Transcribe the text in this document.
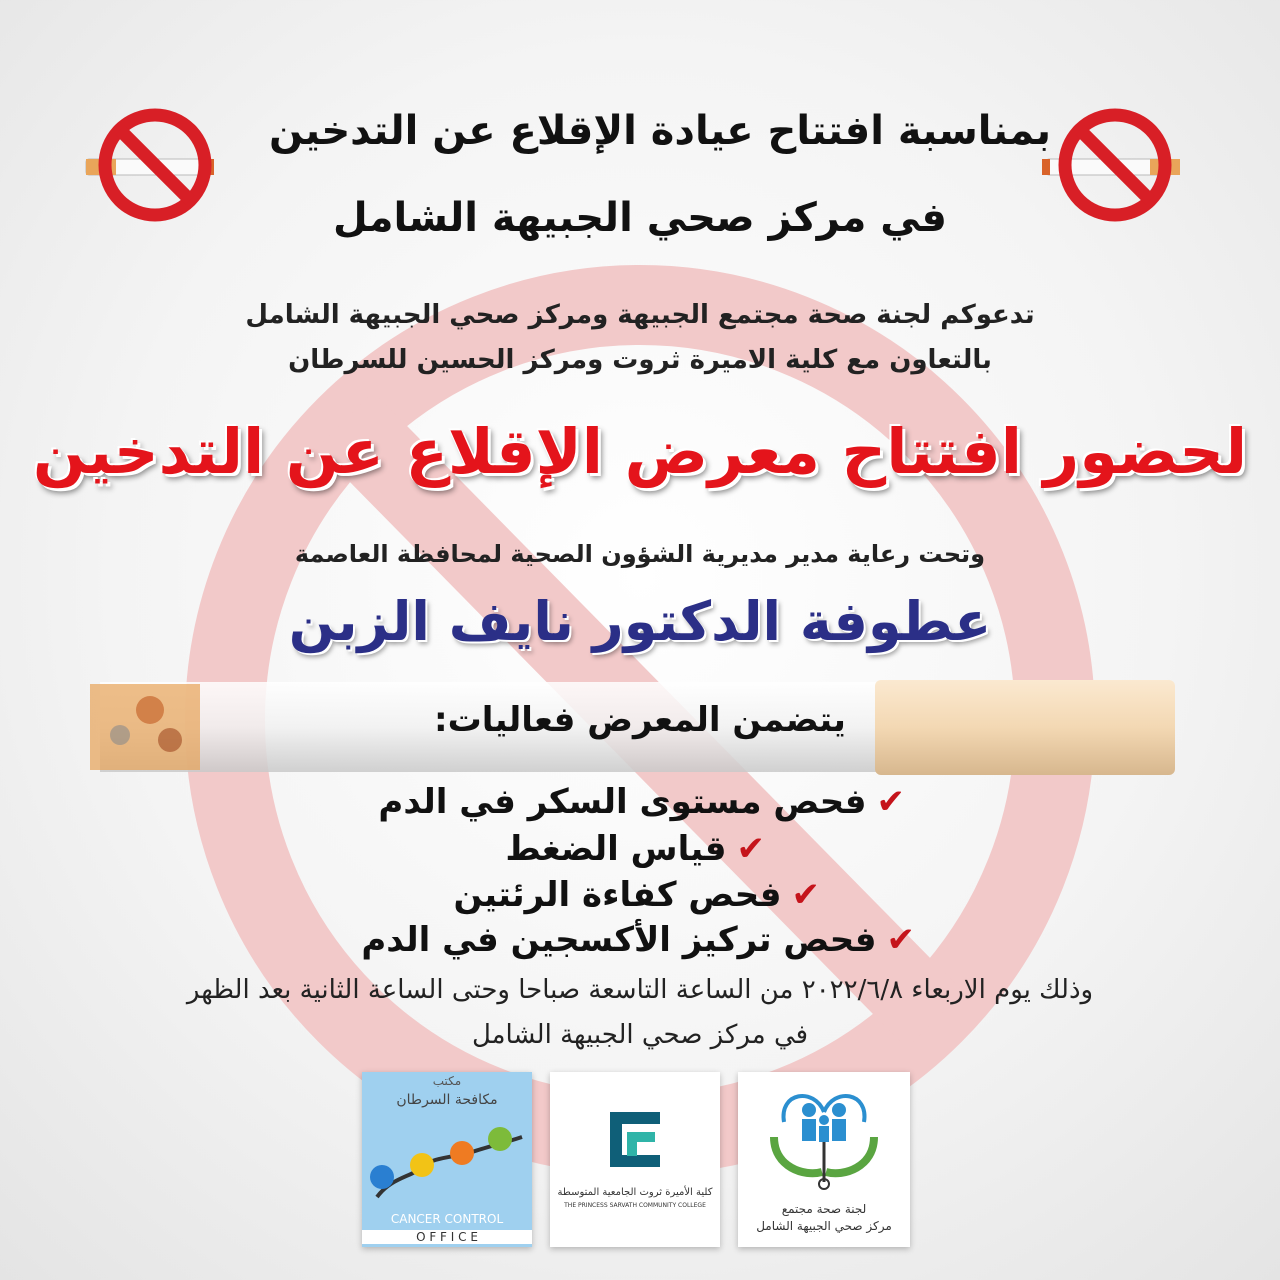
بمناسبة افتتاح عيادة الإقلاع عن التدخين
في مركز صحي الجبيهة الشامل
تدعوكم لجنة صحة مجتمع الجبيهة ومركز صحي الجبيهة الشامل
بالتعاون مع كلية الاميرة ثروت ومركز الحسين للسرطان
لحضور افتتاح معرض الإقلاع عن التدخين
وتحت رعاية مدير مديرية الشؤون الصحية لمحافظة العاصمة
عطوفة الدكتور نايف الزبن
يتضمن المعرض فعاليات:
✔فحص مستوى السكر في الدم
✔قياس الضغط
✔فحص كفاءة الرئتين
✔فحص تركيز الأكسجين في الدم
وذلك يوم الاربعاء ٢٠٢٢/٦/٨ من الساعة التاسعة صباحا وحتى الساعة الثانية بعد الظهر
في مركز صحي الجبيهة الشامل
مكتب
مكافحة السرطان
CANCER CONTROL
O F F I C E
كلية الأميرة ثروت الجامعية المتوسطة
THE PRINCESS SARVATH COMMUNITY COLLEGE	لجنة صحة مجتمع
مركز صحي الجبيهة الشامل
